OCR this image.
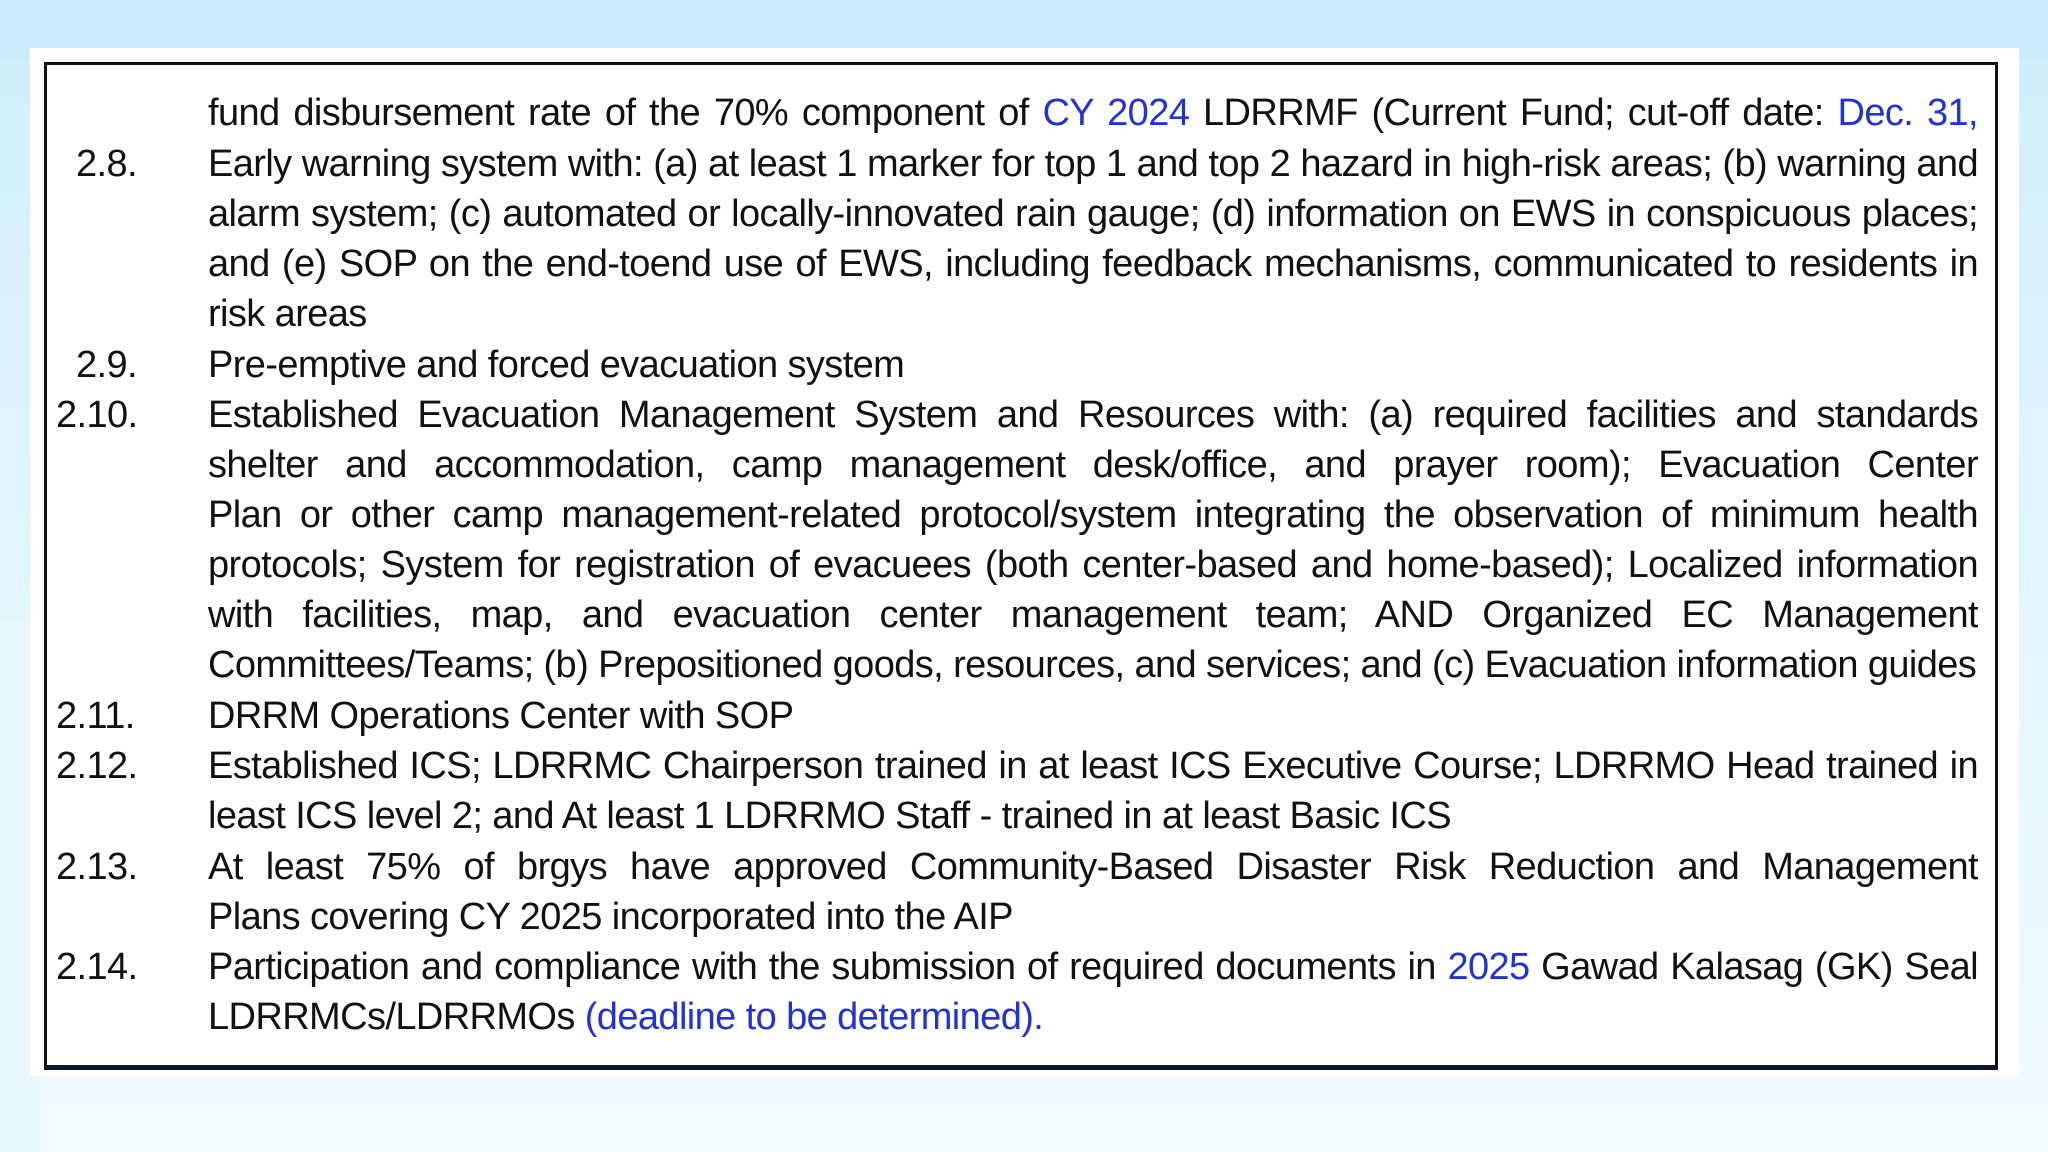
fund disbursement rate of the 70% component of CY 2024 LDRRMF (Current Fund; cut-off date: Dec. 31,
2.8. Early warning system with: (a) at least 1 marker for top 1 and top 2 hazard in high-risk areas; (b) warning and
alarm system; (c) automated or locally-innovated rain gauge; (d) information on EWS in conspicuous places;
and (e) SOP on the end-toend use of EWS, including feedback mechanisms, communicated to residents in
risk areas
2.9. Pre-emptive and forced evacuation system
2.10. Established Evacuation Management System and Resources with: (a) required facilities and standards
shelter and accommodation, camp management desk/office, and prayer room); Evacuation Center
Plan or other camp management-related protocol/system integrating the observation of minimum health
protocols; System for registration of evacuees (both center-based and home-based); Localized information
with facilities, map, and evacuation center management team; AND Organized EC Management
Committees/Teams; (b) Prepositioned goods, resources, and services; and (c) Evacuation information guides
2.11. DRRM Operations Center with SOP
2.12. Established ICS; LDRRMC Chairperson trained in at least ICS Executive Course; LDRRMO Head trained in
least ICS level 2; and At least 1 LDRRMO Staff - trained in at least Basic ICS
2.13. At least 75% of brgys have approved Community-Based Disaster Risk Reduction and Management
Plans covering CY 2025 incorporated into the AIP
2.14. Participation and compliance with the submission of required documents in 2025 Gawad Kalasag (GK) Seal
LDRRMCs/LDRRMOs (deadline to be determined).
